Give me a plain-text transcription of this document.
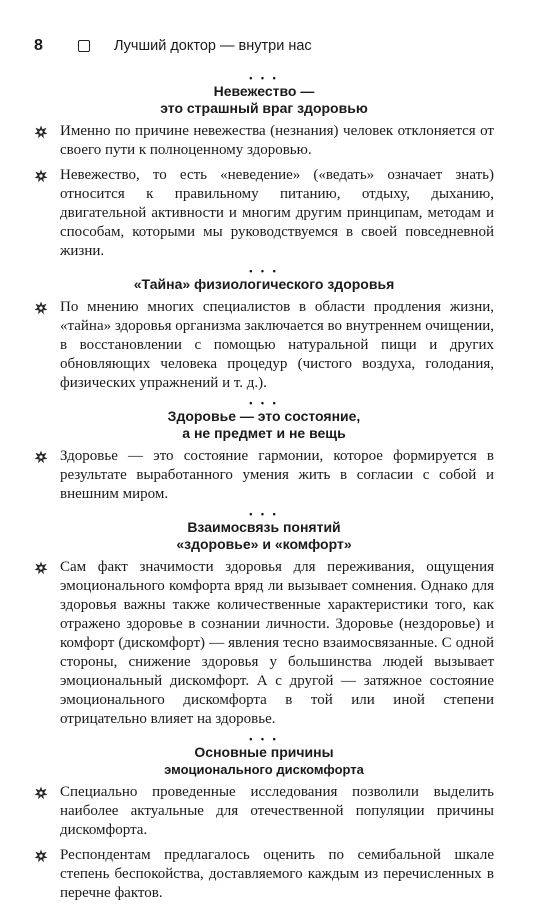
8	Лучший доктор — внутри нас
• • •
Невежество —
это страшный враг здоровью
Именно по причине невежества (незнания) человек отклоняется от своего пути к полноценному здоровью.
Невежество, то есть «неведение» («ведать» означает знать) относится к правильному питанию, отдыху, дыханию, двигательной активности и многим другим принципам, методам и способам, которыми мы руководствуемся в своей повседневной жизни.
• • •
«Тайна» физиологического здоровья
По мнению многих специалистов в области продления жизни, «тайна» здоровья организма заключается во внутреннем очищении, в восстановлении с помощью натуральной пищи и других обновляющих человека процедур (чистого воздуха, голодания, физических упражнений и т. д.).
• • •
Здоровье — это состояние,
а не предмет и не вещь
Здоровье — это состояние гармонии, которое формируется в результате выработанного умения жить в согласии с собой и внешним миром.
• • •
Взаимосвязь понятий
«здоровье» и «комфорт»
Сам факт значимости здоровья для переживания, ощущения эмоционального комфорта вряд ли вызывает сомнения. Однако для здоровья важны также количественные характеристики того, как отражено здоровье в сознании личности. Здоровье (нездоровье) и комфорт (дискомфорт) — явления тесно взаимосвязанные. С одной стороны, снижение здоровья у большинства людей вызывает эмоциональный дискомфорт. А с другой — затяжное состояние эмоционального дискомфорта в той или иной степени отрицательно влияет на здоровье.
• • •
Основные причины
эмоционального дискомфорта
Специально проведенные исследования позволили выделить наиболее актуальные для отечественной популяции причины дискомфорта.
Респондентам предлагалось оценить по семибальной шкале степень беспокойства, доставляемого каждым из перечисленных в перечне фактов.
